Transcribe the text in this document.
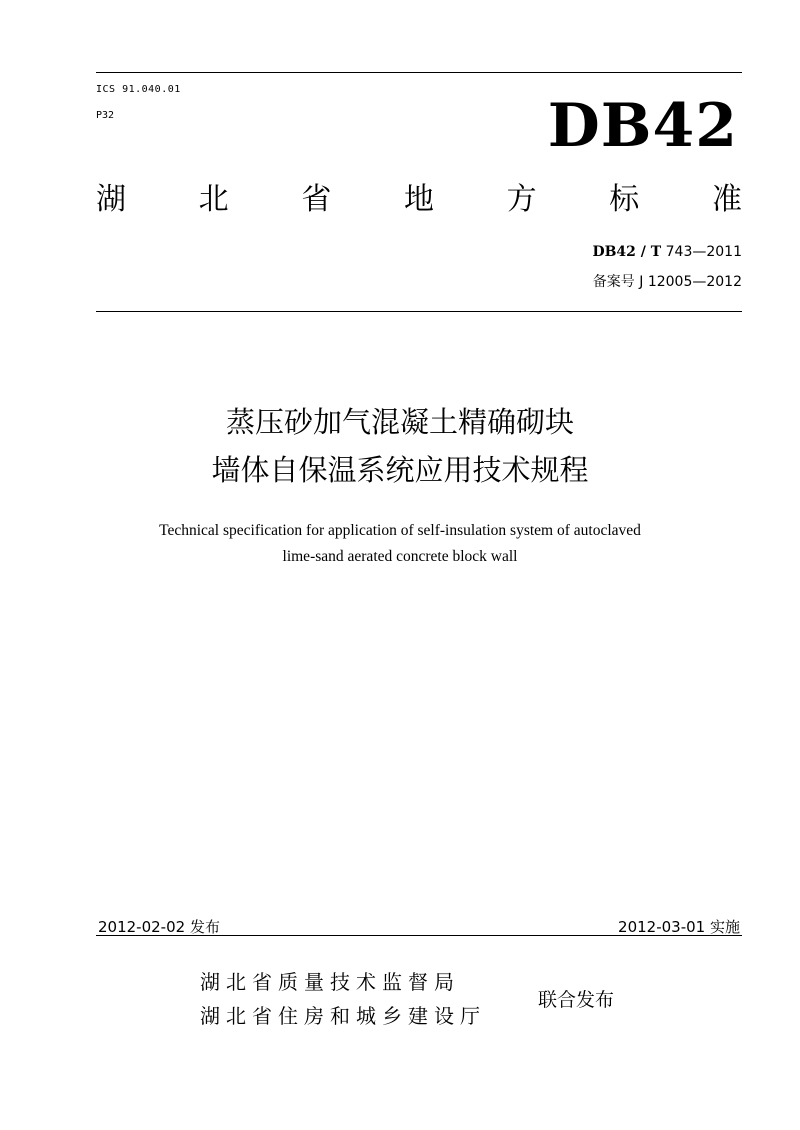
ICS 91.040.01
P32	DB42
湖 北 省 地 方 标 准
DB42 / T 743—2011
备案号 J 12005—2012
蒸压砂加气混凝土精确砌块
墙体自保温系统应用技术规程
Technical specification for application of self-insulation system of autoclaved
lime-sand aerated concrete block wall
2012-02-02 发布	2012-03-01 实施
湖北省质量技术监督局
湖北省住房和城乡建设厅
联合发布
